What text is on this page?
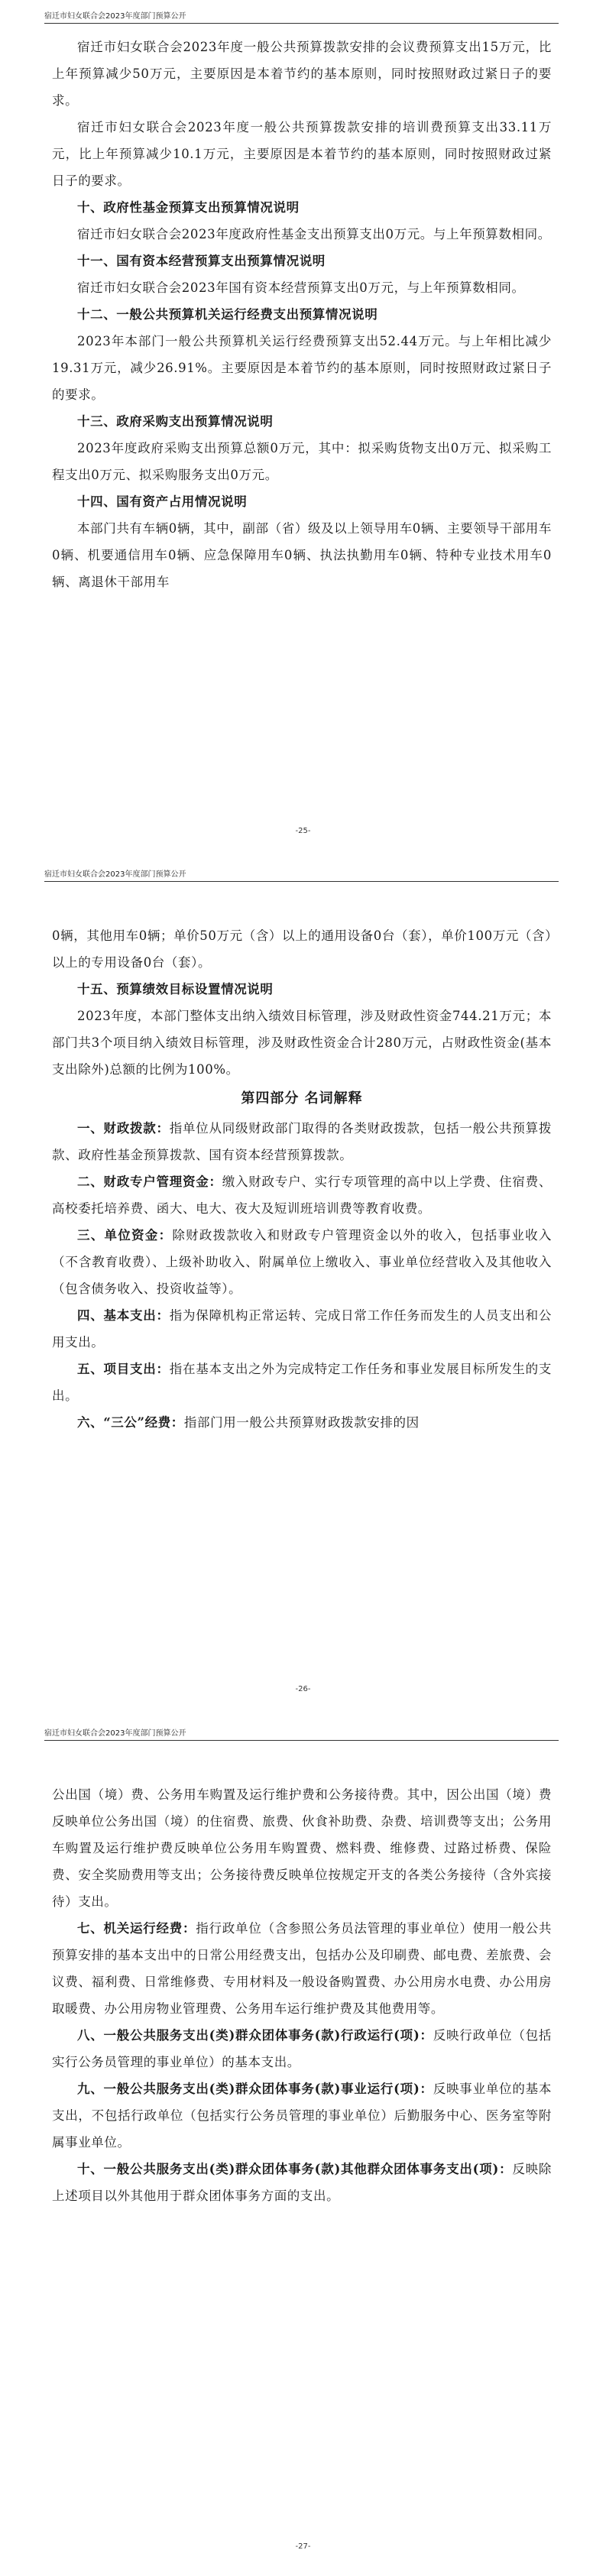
宿迁市妇女联合会2023年度部门预算公开

宿迁市妇女联合会2023年度一般公共预算拨款安排的会议费预算支出15万元，比上年预算减少50万元，主要原因是本着节约的基本原则，同时按照财政过紧日子的要求。

宿迁市妇女联合会2023年度一般公共预算拨款安排的培训费预算支出33.11万元，比上年预算减少10.1万元，主要原因是本着节约的基本原则，同时按照财政过紧日子的要求。

十、政府性基金预算支出预算情况说明

宿迁市妇女联合会2023年度政府性基金支出预算支出0万元。与上年预算数相同。

十一、国有资本经营预算支出预算情况说明

宿迁市妇女联合会2023年国有资本经营预算支出0万元，与上年预算数相同。

十二、一般公共预算机关运行经费支出预算情况说明

2023年本部门一般公共预算机关运行经费预算支出52.44万元。与上年相比减少19.31万元，减少26.91%。主要原因是本着节约的基本原则，同时按照财政过紧日子的要求。

十三、政府采购支出预算情况说明

2023年度政府采购支出预算总额0万元，其中：拟采购货物支出0万元、拟采购工程支出0万元、拟采购服务支出0万元。

十四、国有资产占用情况说明

本部门共有车辆0辆，其中，副部（省）级及以上领导用车0辆、主要领导干部用车0辆、机要通信用车0辆、应急保障用车0辆、执法执勤用车0辆、特种专业技术用车0辆、离退休干部用车

-25-
宿迁市妇女联合会2023年度部门预算公开

0辆，其他用车0辆；单价50万元（含）以上的通用设备0台（套），单价100万元（含）以上的专用设备0台（套）。

十五、预算绩效目标设置情况说明

2023年度，本部门整体支出纳入绩效目标管理，涉及财政性资金744.21万元；本部门共3个项目纳入绩效目标管理，涉及财政性资金合计280万元，占财政性资金(基本支出除外)总额的比例为100%。

第四部分 名词解释

一、财政拨款：指单位从同级财政部门取得的各类财政拨款，包括一般公共预算拨款、政府性基金预算拨款、国有资本经营预算拨款。

二、财政专户管理资金：缴入财政专户、实行专项管理的高中以上学费、住宿费、高校委托培养费、函大、电大、夜大及短训班培训费等教育收费。

三、单位资金：除财政拨款收入和财政专户管理资金以外的收入，包括事业收入（不含教育收费）、上级补助收入、附属单位上缴收入、事业单位经营收入及其他收入（包含债务收入、投资收益等）。

四、基本支出：指为保障机构正常运转、完成日常工作任务而发生的人员支出和公用支出。

五、项目支出：指在基本支出之外为完成特定工作任务和事业发展目标所发生的支出。

六、“三公”经费：指部门用一般公共预算财政拨款安排的因

-26-
宿迁市妇女联合会2023年度部门预算公开

公出国（境）费、公务用车购置及运行维护费和公务接待费。其中，因公出国（境）费反映单位公务出国（境）的住宿费、旅费、伙食补助费、杂费、培训费等支出；公务用车购置及运行维护费反映单位公务用车购置费、燃料费、维修费、过路过桥费、保险费、安全奖励费用等支出；公务接待费反映单位按规定开支的各类公务接待（含外宾接待）支出。

七、机关运行经费：指行政单位（含参照公务员法管理的事业单位）使用一般公共预算安排的基本支出中的日常公用经费支出，包括办公及印刷费、邮电费、差旅费、会议费、福利费、日常维修费、专用材料及一般设备购置费、办公用房水电费、办公用房取暖费、办公用房物业管理费、公务用车运行维护费及其他费用等。

八、一般公共服务支出(类)群众团体事务(款)行政运行(项)：反映行政单位（包括实行公务员管理的事业单位）的基本支出。

九、一般公共服务支出(类)群众团体事务(款)事业运行(项)：反映事业单位的基本支出，不包括行政单位（包括实行公务员管理的事业单位）后勤服务中心、医务室等附属事业单位。

十、一般公共服务支出(类)群众团体事务(款)其他群众团体事务支出(项)：反映除上述项目以外其他用于群众团体事务方面的支出。

-27-
